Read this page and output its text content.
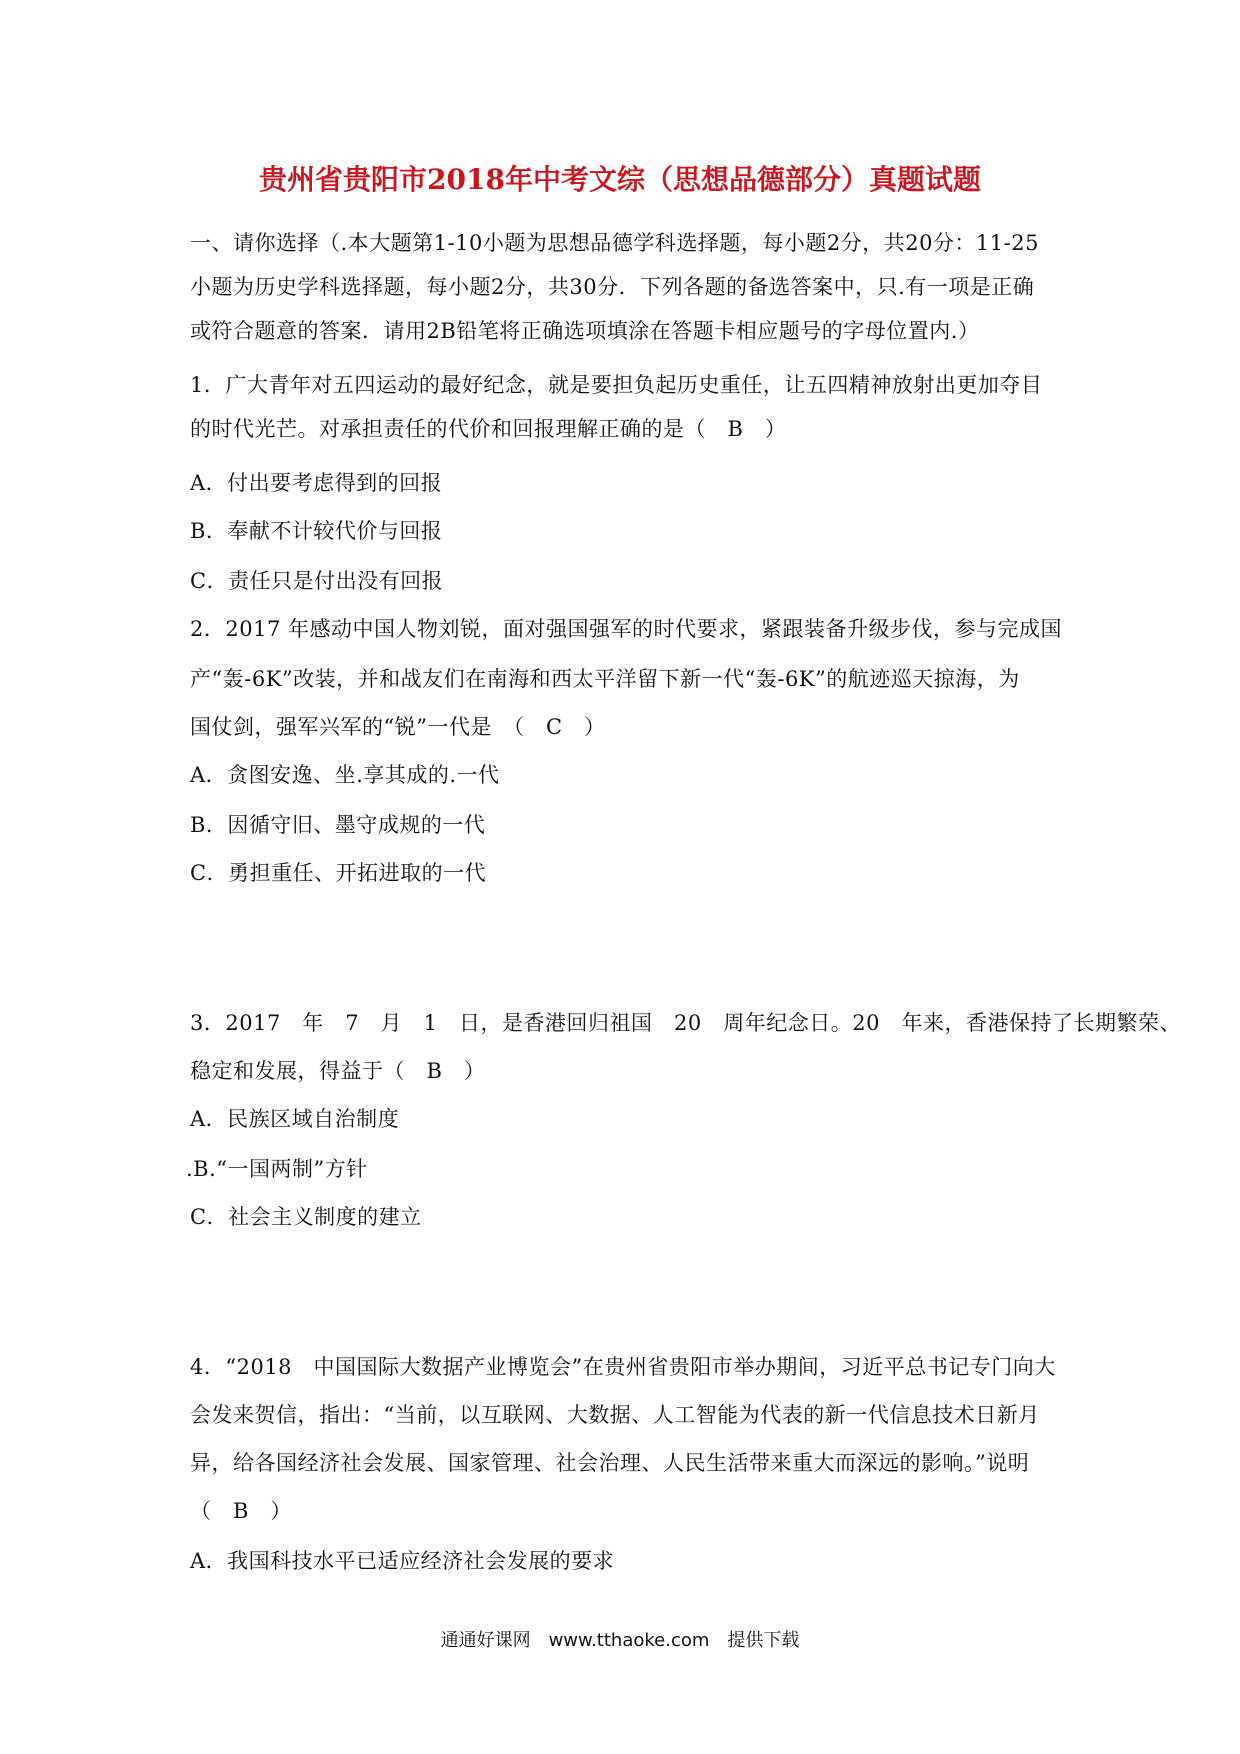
贵州省贵阳市2018年中考文综（思想品德部分）真题试题
一、请你选择（.本大题第1-10小题为思想品德学科选择题，每小题2分，共20分：11-25
小题为历史学科选择题，每小题2分，共30分．下列各题的备选答案中，只.有一项是正确
或符合题意的答案．请用2B铅笔将正确选项填涂在答题卡相应题号的字母位置内.）
1．广大青年对五四运动的最好纪念，就是要担负起历史重任，让五四精神放射出更加夺目
的时代光芒。对承担责任的代价和回报理解正确的是（　B　）
A．付出要考虑得到的回报
B．奉献不计较代价与回报
C．责任只是付出没有回报
2．2017 年感动中国人物刘锐，面对强国强军的时代要求，紧跟装备升级步伐，参与完成国
产“轰-6K”改装，并和战友们在南海和西太平洋留下新一代“轰-6K”的航迹巡天掠海，为
国仗剑，强军兴军的“锐”一代是　（　C　）
A．贪图安逸、坐.享其成的.一代
B．因循守旧、墨守成规的一代
C．勇担重任、开拓进取的一代
3．2017　年　7　月　1　日，是香港回归祖国　20　周年纪念日。20　年来，香港保持了长期繁荣、
稳定和发展，得益于（　B　）
A．民族区域自治制度
.B.“一国两制”方针
C．社会主义制度的建立
4．“2018　中国国际大数据产业博览会”在贵州省贵阳市举办期间，习近平总书记专门向大
会发来贺信，指出：“当前，以互联网、大数据、人工智能为代表的新一代信息技术日新月
异，给各国经济社会发展、国家管理、社会治理、人民生活带来重大而深远的影响。”说明
（　B　）
A．我国科技水平已适应经济社会发展的要求
通通好课网　www.tthaoke.com　提供下载
